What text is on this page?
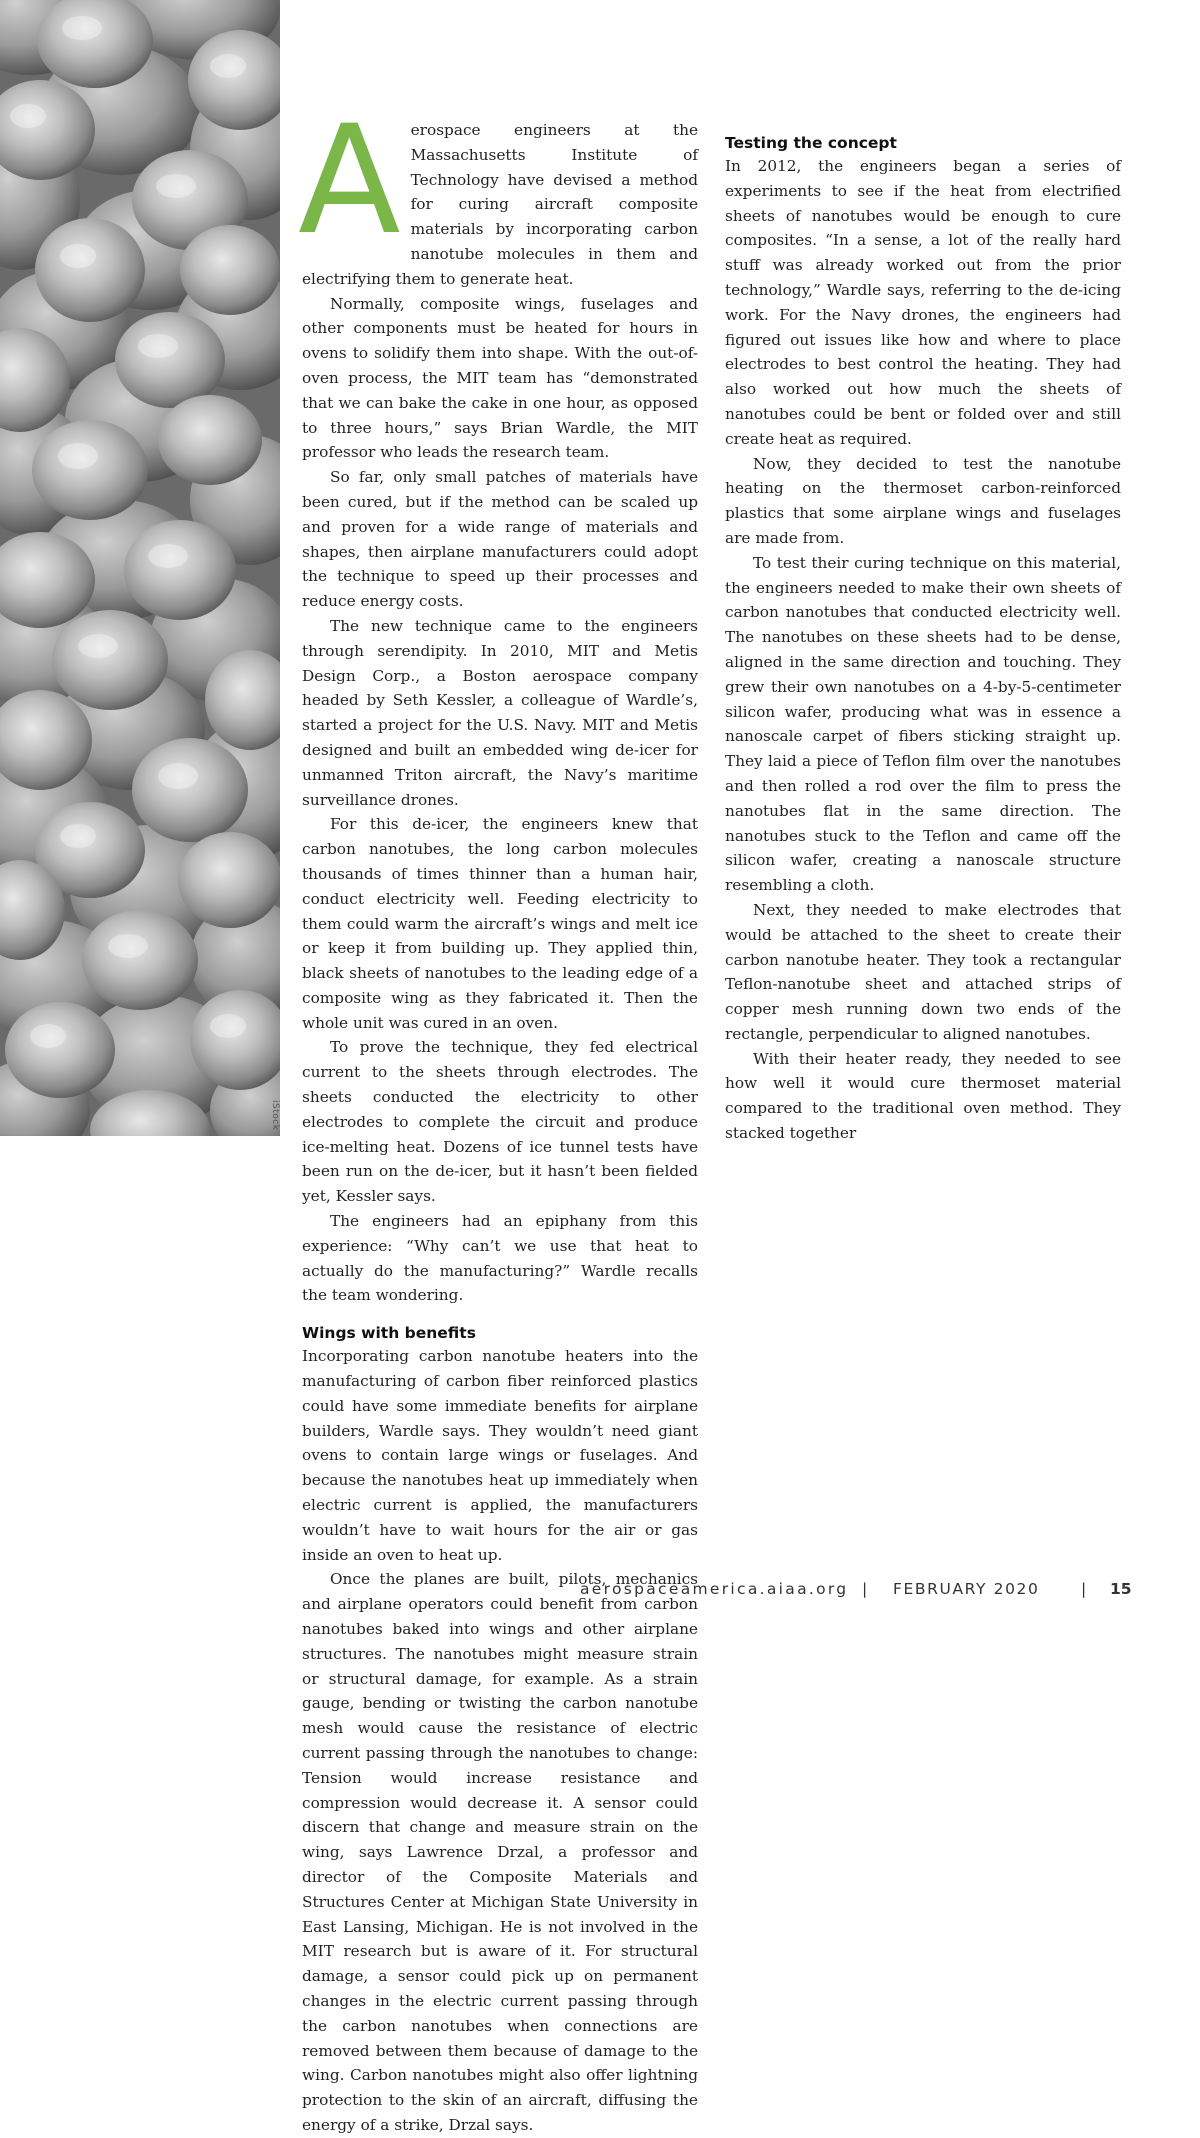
iStock
A erospace engineers at the Massachusetts Institute of Technology have devised a method for curing aircraft composite materials by incorporating carbon nanotube molecules in them and electrifying them to generate heat.

Normally, composite wings, fuselages and other components must be heated for hours in ovens to solidify them into shape. With the out-of-oven process, the MIT team has “demonstrated that we can bake the cake in one hour, as opposed to three hours,” says Brian Wardle, the MIT professor who leads the research team.

So far, only small patches of materials have been cured, but if the method can be scaled up and proven for a wide range of materials and shapes, then airplane manufacturers could adopt the technique to speed up their processes and reduce energy costs.

The new technique came to the engineers through serendipity. In 2010, MIT and Metis Design Corp., a Boston aerospace company headed by Seth Kessler, a colleague of Wardle’s, started a project for the U.S. Navy. MIT and Metis designed and built an embedded wing de-icer for unmanned Triton aircraft, the Navy’s maritime surveillance drones.

For this de-icer, the engineers knew that carbon nanotubes, the long carbon molecules thousands of times thinner than a human hair, conduct electricity well. Feeding electricity to them could warm the aircraft’s wings and melt ice or keep it from building up. They applied thin, black sheets of nanotubes to the leading edge of a composite wing as they fabricated it. Then the whole unit was cured in an oven.

To prove the technique, they fed electrical current to the sheets through electrodes. The sheets conducted the electricity to other electrodes to complete the circuit and produce ice-melting heat. Dozens of ice tunnel tests have been run on the de-icer, but it hasn’t been fielded yet, Kessler says.

The engineers had an epiphany from this experience: “Why can’t we use that heat to actually do the manufacturing?” Wardle recalls the team wondering.

Wings with benefits

Incorporating carbon nanotube heaters into the manufacturing of carbon fiber reinforced plastics could have some immediate benefits for airplane builders, Wardle says. They wouldn’t need giant ovens to contain large wings or fuselages. And because the nanotubes heat up immediately when electric current is applied, the manufacturers wouldn’t have to wait hours for the air or gas inside an oven to heat up.

Once the planes are built, pilots, mechanics and airplane operators could benefit from carbon nanotubes baked into wings and other airplane structures. The nanotubes might measure strain or structural damage, for example. As a strain gauge, bending or twisting the carbon nanotube mesh would cause the resistance of electric current passing through the nanotubes to change: Tension would increase resistance and compression would decrease it. A sensor could discern that change and measure strain on the wing, says Lawrence Drzal, a professor and director of the Composite Materials and Structures Center at Michigan State University in East Lansing, Michigan. He is not involved in the MIT research but is aware of it. For structural damage, a sensor could pick up on permanent changes in the electric current passing through the carbon nanotubes when connections are removed between them because of damage to the wing. Carbon nanotubes might also offer lightning protection to the skin of an aircraft, diffusing the energy of a strike, Drzal says.

Testing the concept

In 2012, the engineers began a series of experiments to see if the heat from electrified sheets of nanotubes would be enough to cure composites. “In a sense, a lot of the really hard stuff was already worked out from the prior technology,” Wardle says, referring to the de-icing work. For the Navy drones, the engineers had figured out issues like how and where to place electrodes to best control the heating. They had also worked out how much the sheets of nanotubes could be bent or folded over and still create heat as required.

Now, they decided to test the nanotube heating on the thermoset carbon-reinforced plastics that some airplane wings and fuselages are made from.

To test their curing technique on this material, the engineers needed to make their own sheets of carbon nanotubes that conducted electricity well. The nanotubes on these sheets had to be dense, aligned in the same direction and touching. They grew their own nanotubes on a 4-by-5-centimeter silicon wafer, producing what was in essence a nanoscale carpet of fibers sticking straight up. They laid a piece of Teflon film over the nanotubes and then rolled a rod over the film to press the nanotubes flat in the same direction. The nanotubes stuck to the Teflon and came off the silicon wafer, creating a nanoscale structure resembling a cloth.

Next, they needed to make electrodes that would be attached to the sheet to create their carbon nanotube heater. They took a rectangular Teflon-nanotube sheet and attached strips of copper mesh running down two ends of the rectangle, perpendicular to aligned nanotubes.

With their heater ready, they needed to see how well it would cure thermoset material compared to the traditional oven method. They stacked together

aerospaceamerica.aiaa.org | FEBRUARY 2020	| 15
